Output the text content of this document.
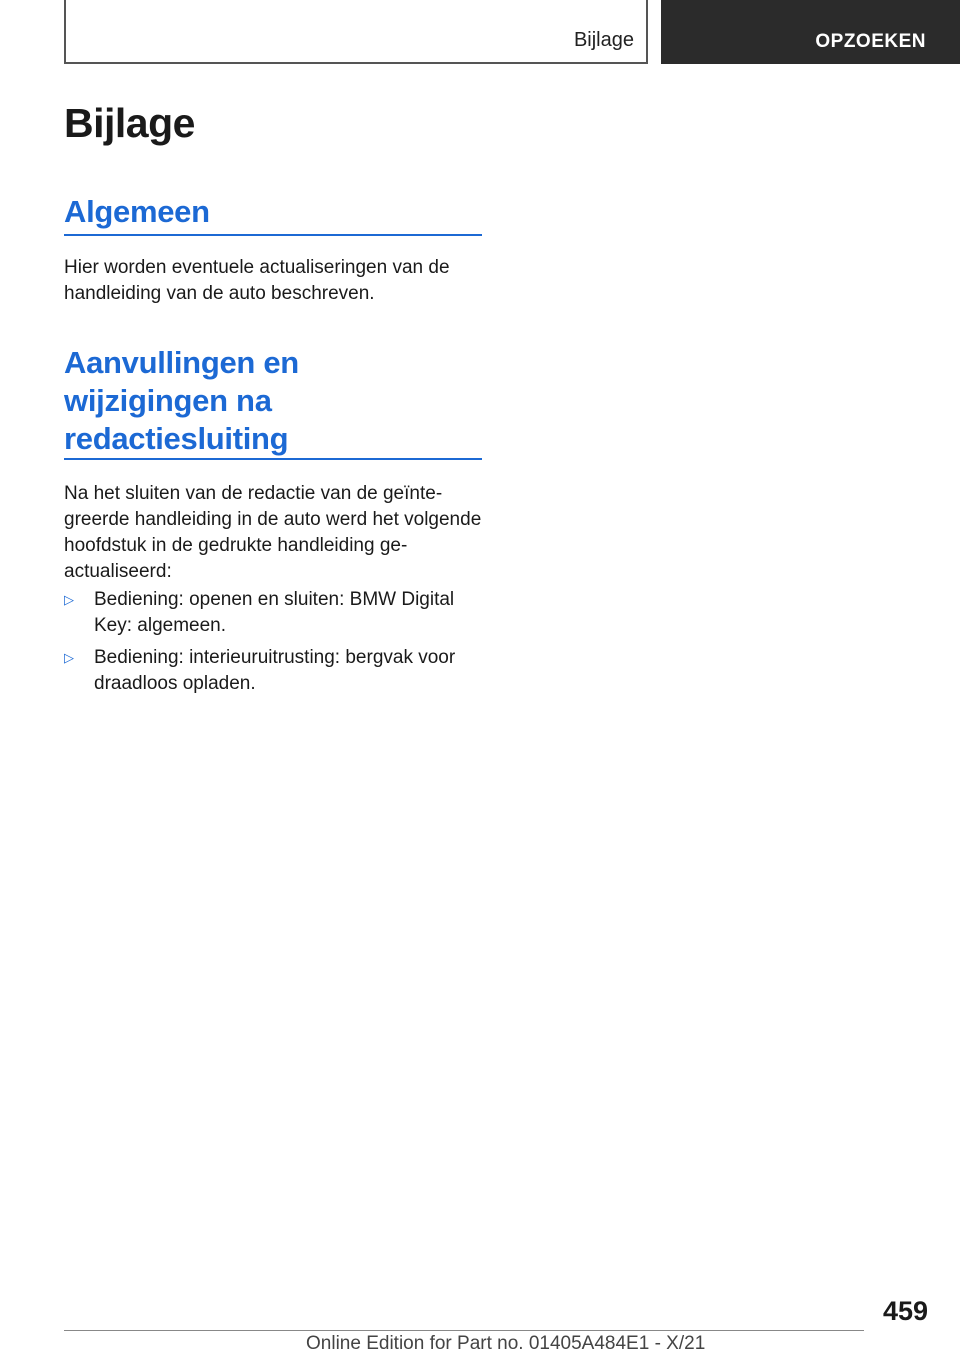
Bijlage	OPZOEKEN
Bijlage
Algemeen

Hier worden eventuele actualiseringen van de handleiding van de auto beschreven.

Aanvullingen en
wijzigingen na
redactiesluiting

Na het sluiten van de redactie van de geïntegreerde handleiding in de auto werd het volgende hoofdstuk in de gedrukte handleiding geactualiseerd:

▷ Bediening: openen en sluiten: BMW Digital Key: algemeen.
▷ Bediening: interieuruitrusting: bergvak voor draadloos opladen.
459
Online Edition for Part no. 01405A484E1 - X/21
